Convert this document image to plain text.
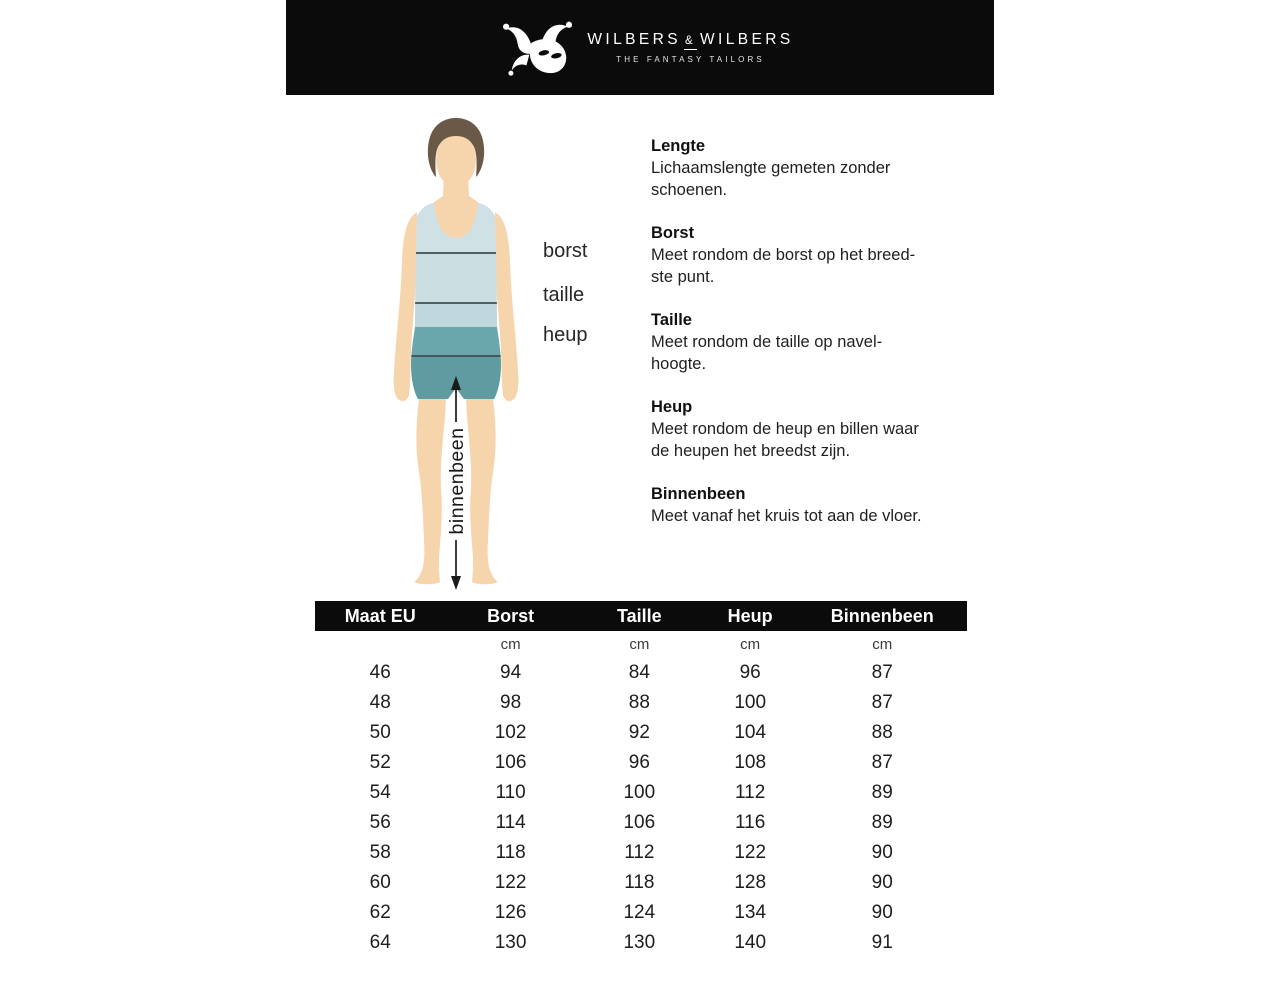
WILBERS & WILBERS
THE FANTASY TAILORS
binnenbeen
borst
taille
heup
Lengte
Lichaamslengte gemeten zonder
schoenen.
Borst
Meet rondom de borst op het breed-
ste punt.
Taille
Meet rondom de taille op navel-
hoogte.
Heup
Meet rondom de heup en billen waar
de heupen het breedst zijn.
Binnenbeen
Meet vanaf het kruis tot aan de vloer.
Maat EU	Borst	Taille	Heup	Binnenbeen
	cm	cm	cm	cm
46	94	84	96	87
48	98	88	100	87
50	102	92	104	88
52	106	96	108	87
54	110	100	112	89
56	114	106	116	89
58	118	112	122	90
60	122	118	128	90
62	126	124	134	90
64	130	130	140	91
